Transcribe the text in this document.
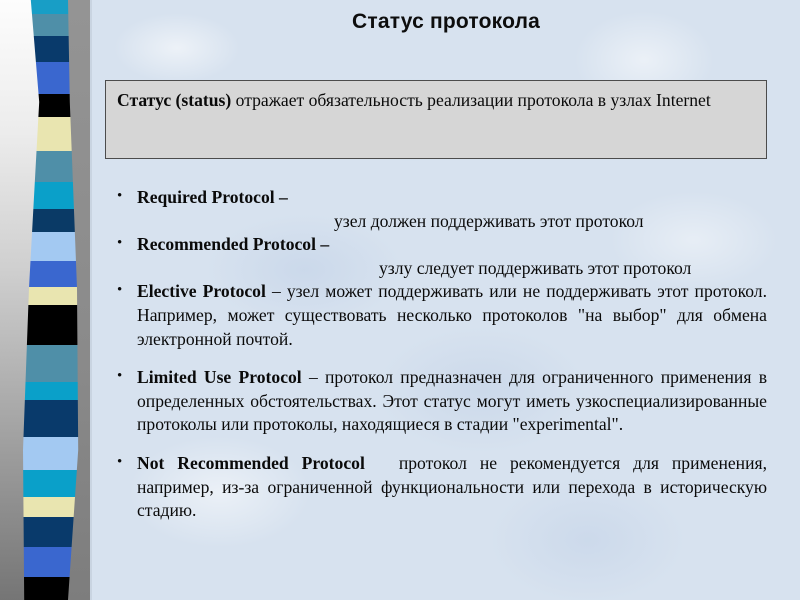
Статус протокола
Статус (status) отражает обязательность реализации протокола в узлах Internet
• Required Protocol –
узел должен поддерживать этот протокол
• Recommended Protocol –
узлу следует поддерживать этот протокол
• Elective Protocol – узел может поддерживать или не поддерживать этот протокол. Например, может существовать несколько протоколов "на выбор" для обмена электронной почтой.
• Limited Use Protocol – протокол предназначен для ограниченного применения в определенных обстоятельствах. Этот статус могут иметь узкоспециализированные протоколы или протоколы, находящиеся в стадии "experimental".
• Not Recommended Protocol протокол не рекомендуется для применения, например, из-за ограниченной функциональности или перехода в историческую стадию.
